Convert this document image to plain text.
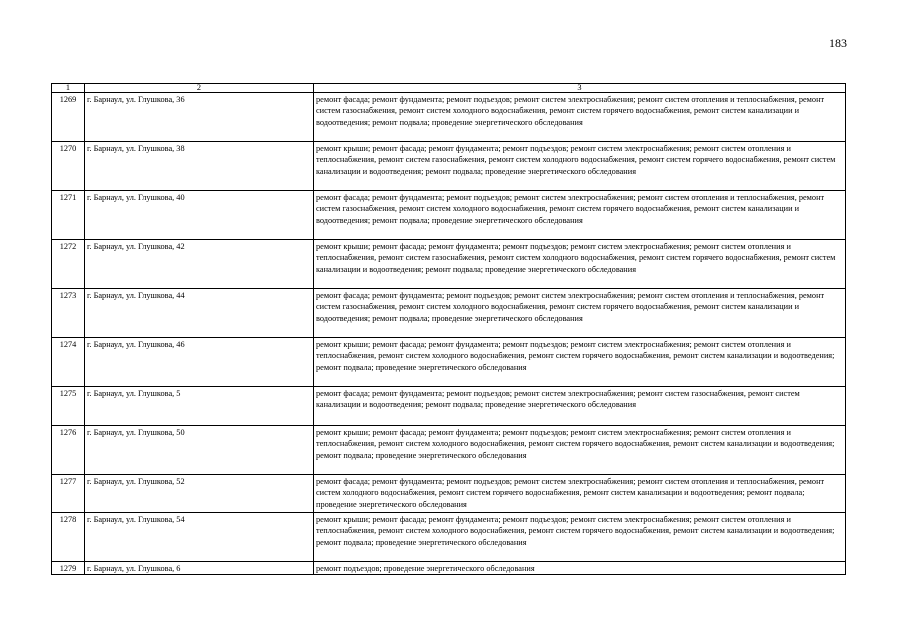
183
1	2	3
1269	г. Барнаул, ул. Глушкова, 36	ремонт фасада; ремонт фундамента; ремонт подъездов; ремонт систем электроснабжения; ремонт систем отопления и теплоснабжения, ремонт систем газоснабжения, ремонт систем холодного водоснабжения, ремонт систем горячего водоснабжения, ремонт систем канализации и водоотведения; ремонт подвала; проведение энергетического обследования
1270	г. Барнаул, ул. Глушкова, 38	ремонт крыши; ремонт фасада; ремонт фундамента; ремонт подъездов; ремонт систем электроснабжения; ремонт систем отопления и теплоснабжения, ремонт систем газоснабжения, ремонт систем холодного водоснабжения, ремонт систем горячего водоснабжения, ремонт систем канализации и водоотведения; ремонт подвала; проведение энергетического обследования
1271	г. Барнаул, ул. Глушкова, 40	ремонт фасада; ремонт фундамента; ремонт подъездов; ремонт систем электроснабжения; ремонт систем отопления и теплоснабжения, ремонт систем газоснабжения, ремонт систем холодного водоснабжения, ремонт систем горячего водоснабжения, ремонт систем канализации и водоотведения; ремонт подвала; проведение энергетического обследования
1272	г. Барнаул, ул. Глушкова, 42	ремонт крыши; ремонт фасада; ремонт фундамента; ремонт подъездов; ремонт систем электроснабжения; ремонт систем отопления и теплоснабжения, ремонт систем газоснабжения, ремонт систем холодного водоснабжения, ремонт систем горячего водоснабжения, ремонт систем канализации и водоотведения; ремонт подвала; проведение энергетического обследования
1273	г. Барнаул, ул. Глушкова, 44	ремонт фасада; ремонт фундамента; ремонт подъездов; ремонт систем электроснабжения; ремонт систем отопления и теплоснабжения, ремонт систем газоснабжения, ремонт систем холодного водоснабжения, ремонт систем горячего водоснабжения, ремонт систем канализации и водоотведения; ремонт подвала; проведение энергетического обследования
1274	г. Барнаул, ул. Глушкова, 46	ремонт крыши; ремонт фасада; ремонт фундамента; ремонт подъездов; ремонт систем электроснабжения; ремонт систем отопления и теплоснабжения, ремонт систем холодного водоснабжения, ремонт систем горячего водоснабжения, ремонт систем канализации и водоотведения; ремонт подвала; проведение энергетического обследования
1275	г. Барнаул, ул. Глушкова, 5	ремонт фасада; ремонт фундамента; ремонт подъездов; ремонт систем электроснабжения; ремонт систем газоснабжения, ремонт систем канализации и водоотведения; ремонт подвала; проведение энергетического обследования
1276	г. Барнаул, ул. Глушкова, 50	ремонт крыши; ремонт фасада; ремонт фундамента; ремонт подъездов; ремонт систем электроснабжения; ремонт систем отопления и теплоснабжения, ремонт систем холодного водоснабжения, ремонт систем горячего водоснабжения, ремонт систем канализации и водоотведения; ремонт подвала; проведение энергетического обследования
1277	г. Барнаул, ул. Глушкова, 52	ремонт фасада; ремонт фундамента; ремонт подъездов; ремонт систем электроснабжения; ремонт систем отопления и теплоснабжения, ремонт систем холодного водоснабжения, ремонт систем горячего водоснабжения, ремонт систем канализации и водоотведения; ремонт подвала; проведение энергетического обследования
1278	г. Барнаул, ул. Глушкова, 54	ремонт крыши; ремонт фасада; ремонт фундамента; ремонт подъездов; ремонт систем электроснабжения; ремонт систем отопления и теплоснабжения, ремонт систем холодного водоснабжения, ремонт систем горячего водоснабжения, ремонт систем канализации и водоотведения; ремонт подвала; проведение энергетического обследования
1279	г. Барнаул, ул. Глушкова, 6	ремонт подъездов; проведение энергетического обследования
